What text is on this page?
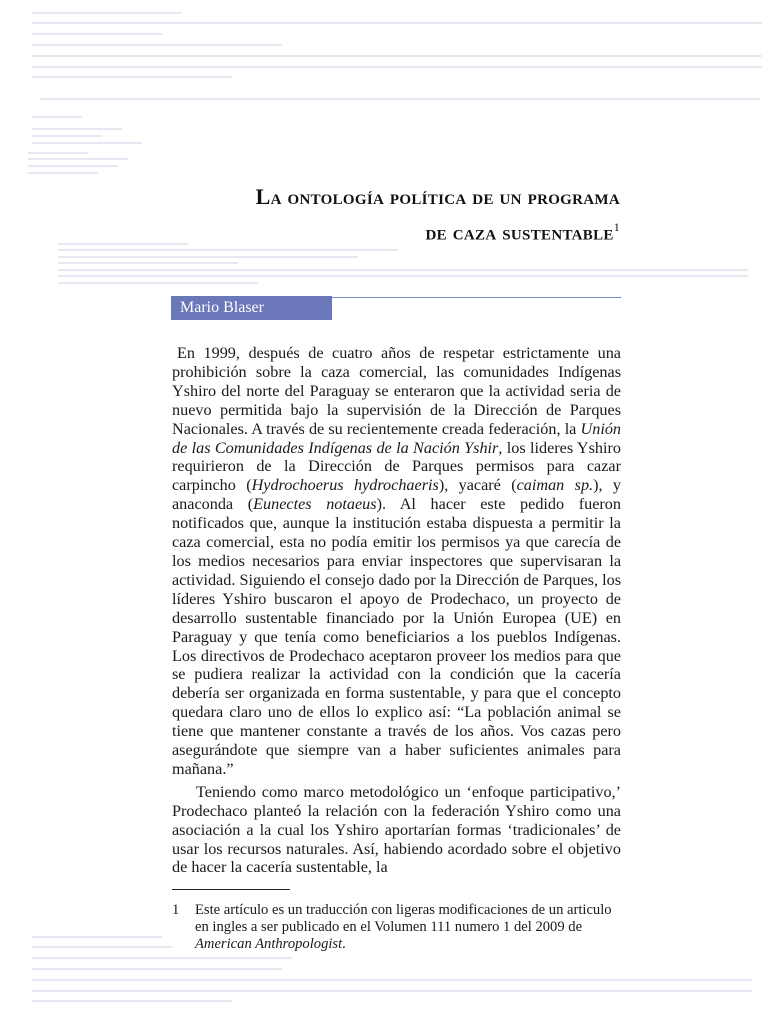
La ontología política de un programa
de caza sustentable$^1$
Mario Blaser

En 1999, después de cuatro años de respetar estrictamente una prohibición sobre la caza comercial, las comunidades Indígenas Yshiro del norte del Paraguay se enteraron que la actividad seria de nuevo permitida bajo la supervisión de la Dirección de Parques Nacionales. A través de su recientemente creada federación, la Unión de las Comunidades Indígenas de la Nación Yshir, los lideres Yshiro requirieron de la Dirección de Parques permisos para cazar carpincho (Hydrochoerus hydrochaeris), yacaré (caiman sp.), y anaconda (Eunectes notaeus). Al hacer este pedido fueron notificados que, aunque la institución estaba dispuesta a permitir la caza comercial, esta no podía emitir los permisos ya que carecía de los medios necesarios para enviar inspectores que supervisaran la actividad. Siguiendo el consejo dado por la Dirección de Parques, los líderes Yshiro buscaron el apoyo de Prodechaco, un proyecto de desarrollo sustentable financiado por la Unión Europea (UE) en Paraguay y que tenía como beneficiarios a los pueblos Indígenas. Los directivos de Prodechaco aceptaron proveer los medios para que se pudiera realizar la actividad con la condición que la cacería debería ser organizada en forma sustentable, y para que el concepto quedara claro uno de ellos lo explico así: “La población animal se tiene que mantener constante a través de los años. Vos cazas pero asegurándote que siempre van a haber suficientes animales para mañana.”

Teniendo como marco metodológico un ‘enfoque participativo,’ Prodechaco planteó la relación con la federación Yshiro como una asociación a la cual los Yshiro aportarían formas ‘tradicionales’ de usar los recursos naturales. Así, habiendo acordado sobre el objetivo de hacer la cacería sustentable, la

1 Este artículo es un traducción con ligeras modificaciones de un articulo en ingles a ser publicado en el Volumen 111 numero 1 del 2009 de American Anthropologist.
